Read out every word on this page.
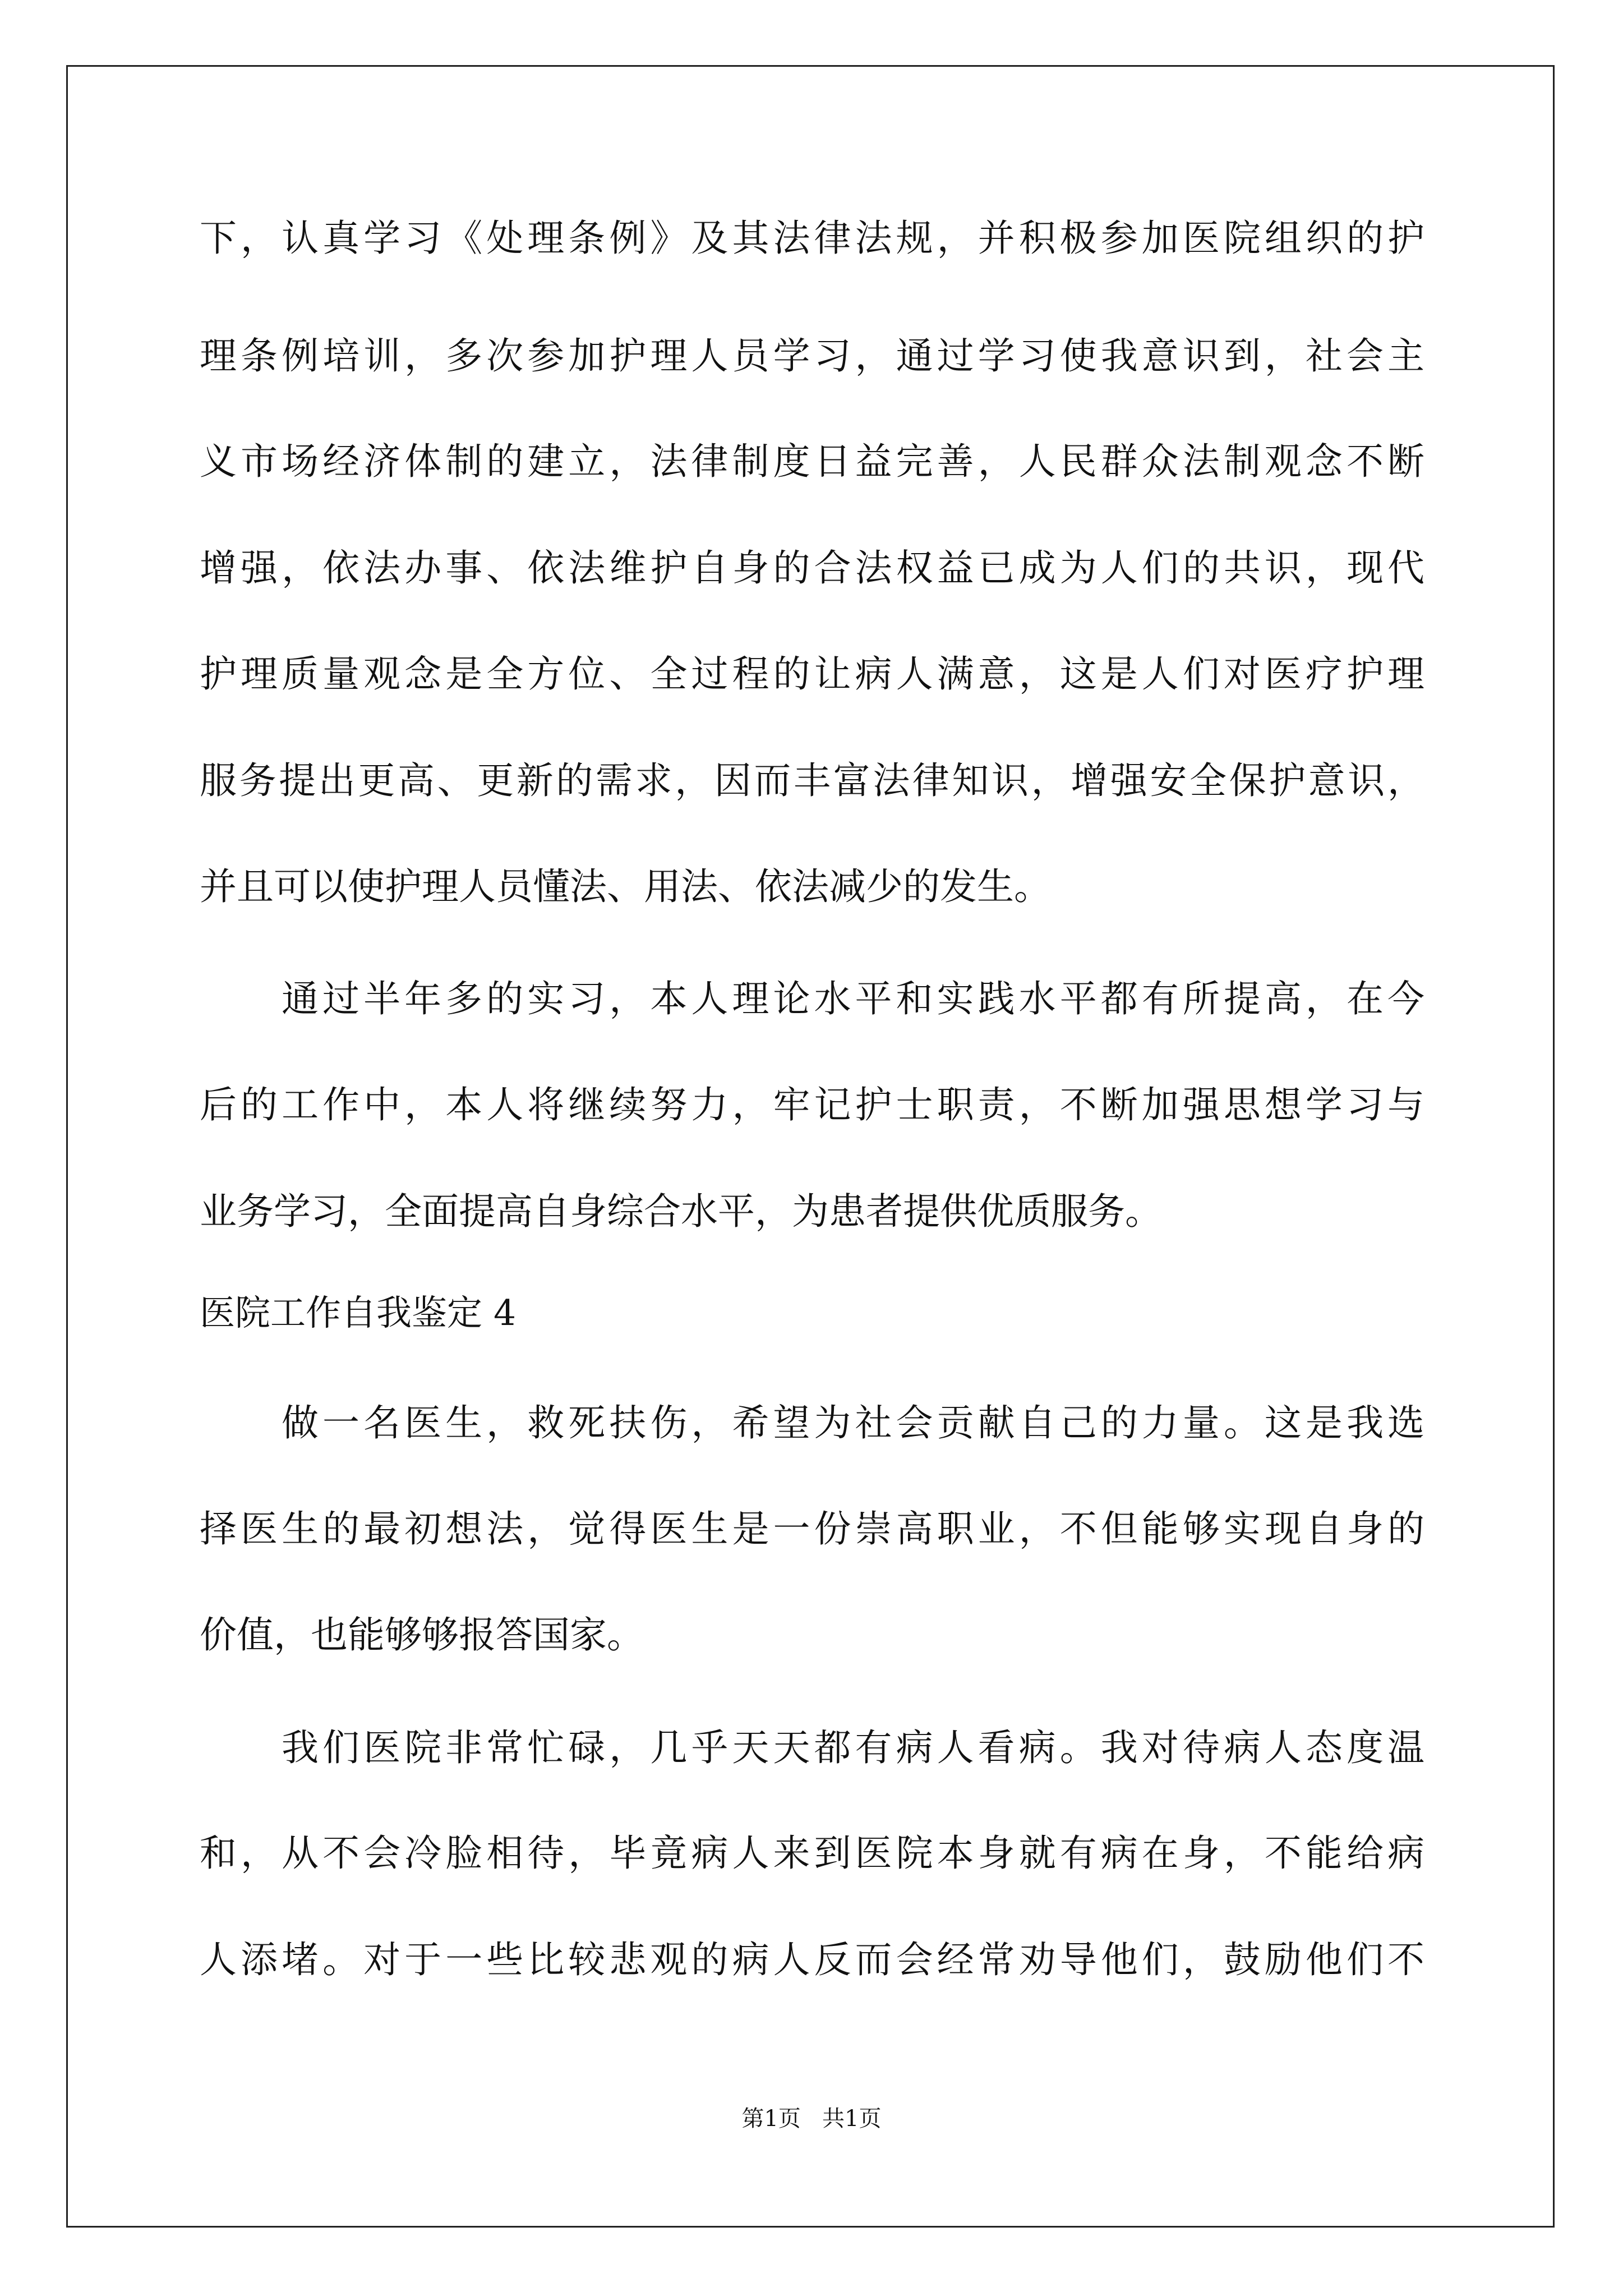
下，认真学习《处理条例》及其法律法规，并积极参加医院组织的护
理条例培训，多次参加护理人员学习，通过学习使我意识到，社会主
义市场经济体制的建立，法律制度日益完善，人民群众法制观念不断
增强，依法办事、依法维护自身的合法权益已成为人们的共识，现代
护理质量观念是全方位、全过程的让病人满意，这是人们对医疗护理
服务提出更高、更新的需求，因而丰富法律知识，增强安全保护意识，
并且可以使护理人员懂法、用法、依法减少的发生。
通过半年多的实习，本人理论水平和实践水平都有所提高，在今
后的工作中，本人将继续努力，牢记护士职责，不断加强思想学习与
业务学习，全面提高自身综合水平，为患者提供优质服务。
医院工作自我鉴定 4
做一名医生，救死扶伤，希望为社会贡献自己的力量。这是我选
择医生的最初想法，觉得医生是一份崇高职业，不但能够实现自身的
价值，也能够够报答国家。
我们医院非常忙碌，几乎天天都有病人看病。我对待病人态度温
和，从不会冷脸相待，毕竟病人来到医院本身就有病在身，不能给病
人添堵。对于一些比较悲观的病人反而会经常劝导他们，鼓励他们不
第1页   共1页
